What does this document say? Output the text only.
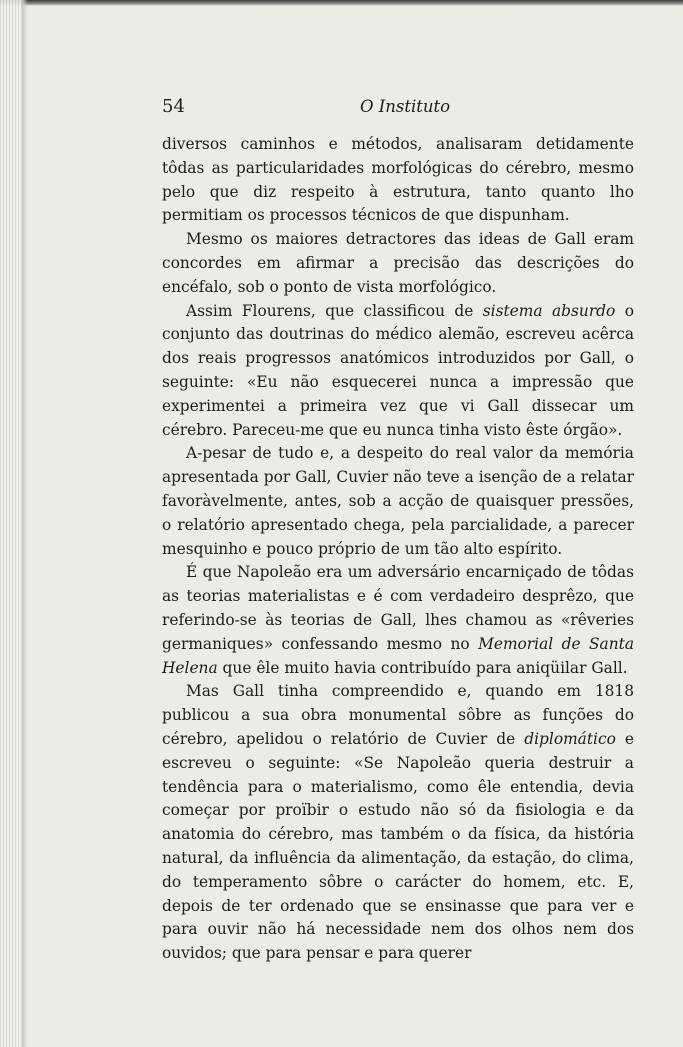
54	O Instituto

diversos caminhos e métodos, analisaram detidamente tôdas as particularidades morfológicas do cérebro, mesmo pelo que diz respeito à estrutura, tanto quanto lho permitiam os processos técnicos de que dispunham.

Mesmo os maiores detractores das ideas de Gall eram concordes em afirmar a precisão das descrições do encéfalo, sob o ponto de vista morfológico.

Assim Flourens, que classificou de sistema absurdo o conjunto das doutrinas do médico alemão, escreveu acêrca dos reais progressos anatómicos introduzidos por Gall, o seguinte: «Eu não esquecerei nunca a impressão que experimentei a primeira vez que vi Gall dissecar um cérebro. Pareceu-me que eu nunca tinha visto êste órgão».

A-pesar de tudo e, a despeito do real valor da memória apresentada por Gall, Cuvier não teve a isenção de a relatar favoràvelmente, antes, sob a acção de quaisquer pressões, o relatório apresentado chega, pela parcialidade, a parecer mesquinho e pouco próprio de um tão alto espírito.

É que Napoleão era um adversário encarniçado de tôdas as teorias materialistas e é com verdadeiro desprêzo, que referindo-se às teorias de Gall, lhes chamou as «rêveries germaniques» confessando mesmo no Memorial de Santa Helena que êle muito havia contribuído para aniqüilar Gall.

Mas Gall tinha compreendido e, quando em 1818 publicou a sua obra monumental sôbre as funções do cérebro, apelidou o relatório de Cuvier de diplomático e escreveu o seguinte: «Se Napoleão queria destruir a tendência para o materialismo, como êle entendia, devia começar por proïbir o estudo não só da fisiologia e da anatomia do cérebro, mas também o da física, da história natural, da influência da alimentação, da estação, do clima, do temperamento sôbre o carácter do homem, etc. E, depois de ter ordenado que se ensinasse que para ver e para ouvir não há necessidade nem dos olhos nem dos ouvidos; que para pensar e para querer
